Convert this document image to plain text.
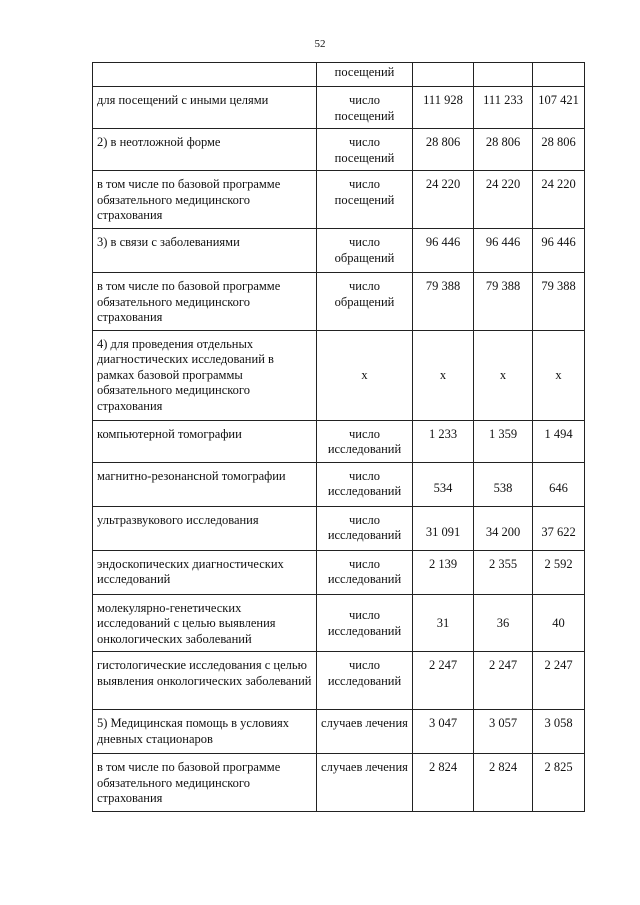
52
	посещений			
для посещений с иными целями	число посещений	111 928	111 233	107 421
2) в неотложной форме	число посещений	28 806	28 806	28 806
в том числе по базовой программе обязательного медицинского страхования	число посещений	24 220	24 220	24 220
3) в связи с заболеваниями	число обращений	96 446	96 446	96 446
в том числе по базовой программе обязательного медицинского страхования	число обращений	79 388	79 388	79 388
4) для проведения отдельных диагностических исследований в рамках базовой программы обязательного медицинского страхования	х	х	х	х
компьютерной томографии	число исследований	1 233	1 359	1 494
магнитно-резонансной томографии	число исследований	534	538	646
ультразвукового исследования	число исследований	31 091	34 200	37 622
эндоскопических диагностических исследований	число исследований	2 139	2 355	2 592
молекулярно-генетических исследований с целью выявления онкологических заболеваний	число исследований	31	36	40
гистологические исследования с целью выявления онкологических заболеваний	число исследований	2 247	2 247	2 247
5) Медицинская помощь в условиях дневных стационаров	случаев лечения	3 047	3 057	3 058
в том числе по базовой программе обязательного медицинского страхования	случаев лечения	2 824	2 824	2 825
